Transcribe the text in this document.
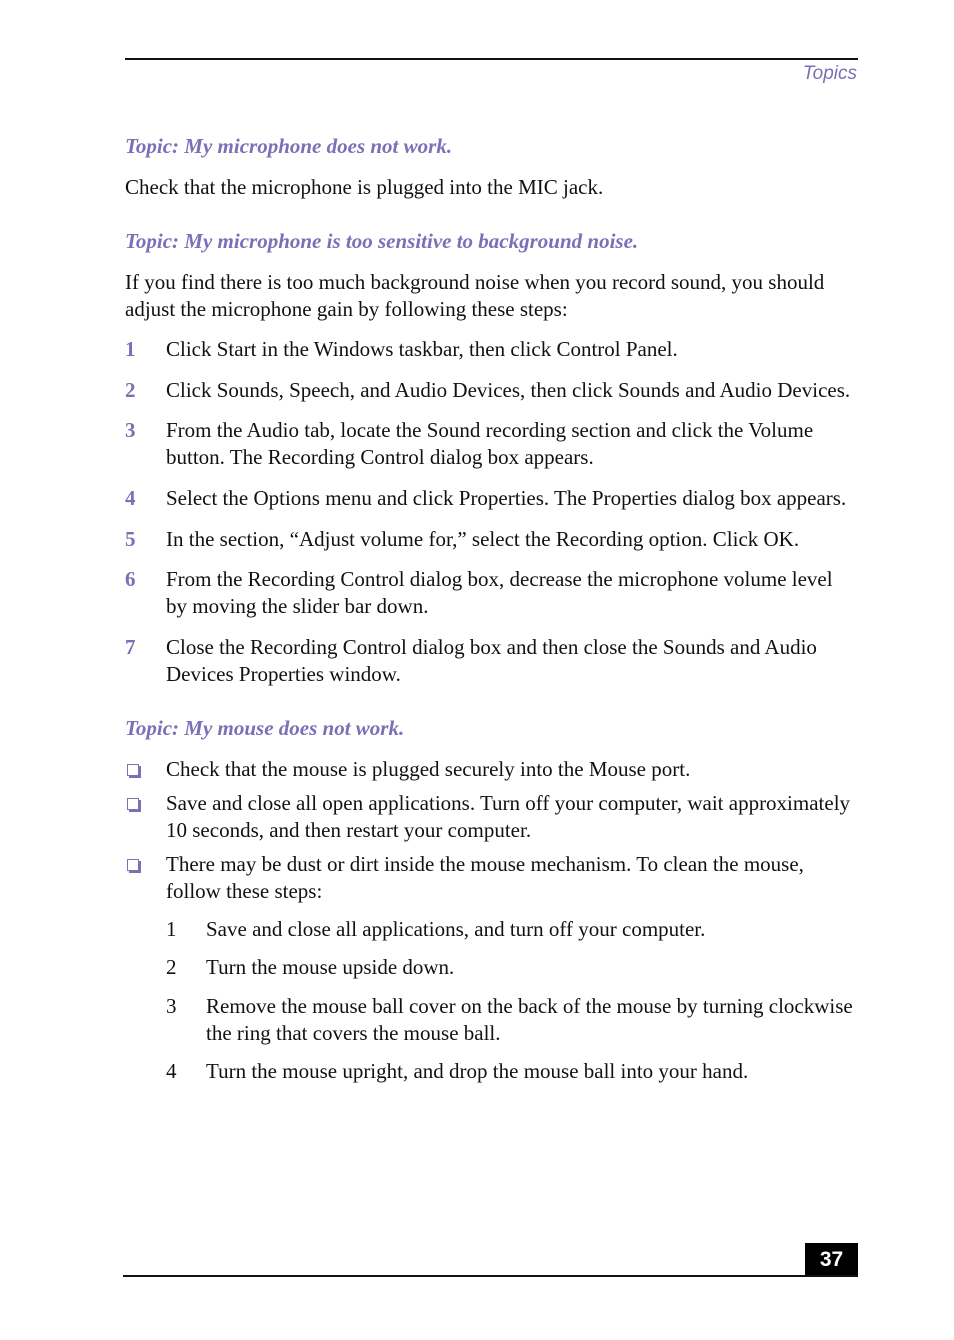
Topics

Topic: My microphone does not work.

Check that the microphone is plugged into the MIC jack.

Topic: My microphone is too sensitive to background noise.

If you find there is too much background noise when you record sound, you should adjust the microphone gain by following these steps:

1	Click Start in the Windows taskbar, then click Control Panel.
2	Click Sounds, Speech, and Audio Devices, then click Sounds and Audio Devices.
3	From the Audio tab, locate the Sound recording section and click the Volume button. The Recording Control dialog box appears.
4	Select the Options menu and click Properties. The Properties dialog box appears.
5	In the section, “Adjust volume for,” select the Recording option. Click OK.
6	From the Recording Control dialog box, decrease the microphone volume level by moving the slider bar down.
7	Close the Recording Control dialog box and then close the Sounds and Audio Devices Properties window.

Topic: My mouse does not work.

Check that the mouse is plugged securely into the Mouse port.
Save and close all open applications. Turn off your computer, wait approximately 10 seconds, and then restart your computer.
There may be dust or dirt inside the mouse mechanism. To clean the mouse, follow these steps:
1	Save and close all applications, and turn off your computer.
2	Turn the mouse upside down.
3	Remove the mouse ball cover on the back of the mouse by turning clockwise the ring that covers the mouse ball.
4	Turn the mouse upright, and drop the mouse ball into your hand.
37
